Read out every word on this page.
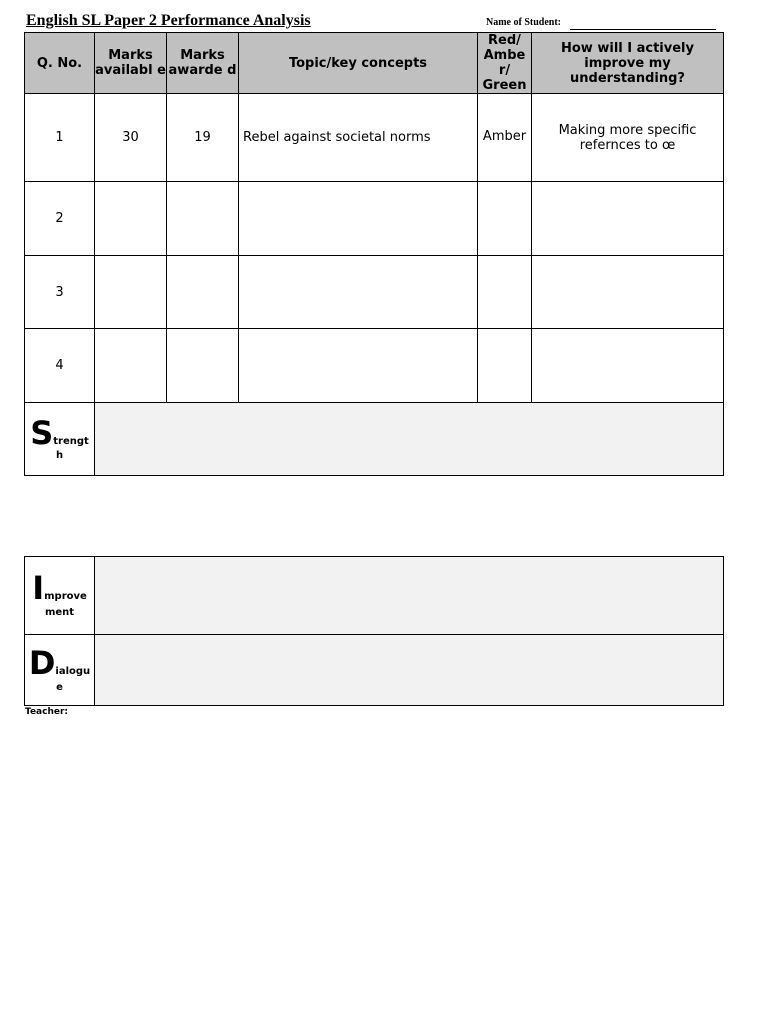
English SL Paper 2 Performance Analysis	Name of Student:
Q. No.	Marks availabl e	Marks awarde d	Topic/key concepts	Red/ Ambe r/ Green	How will I actively improve my understanding?
1	30	19	Rebel against societal norms	Amber	Making more specific refernces to œ
2					
3					
4					
Strengt
h					
Improve
ment	
Dialogu
e	
Teacher:
